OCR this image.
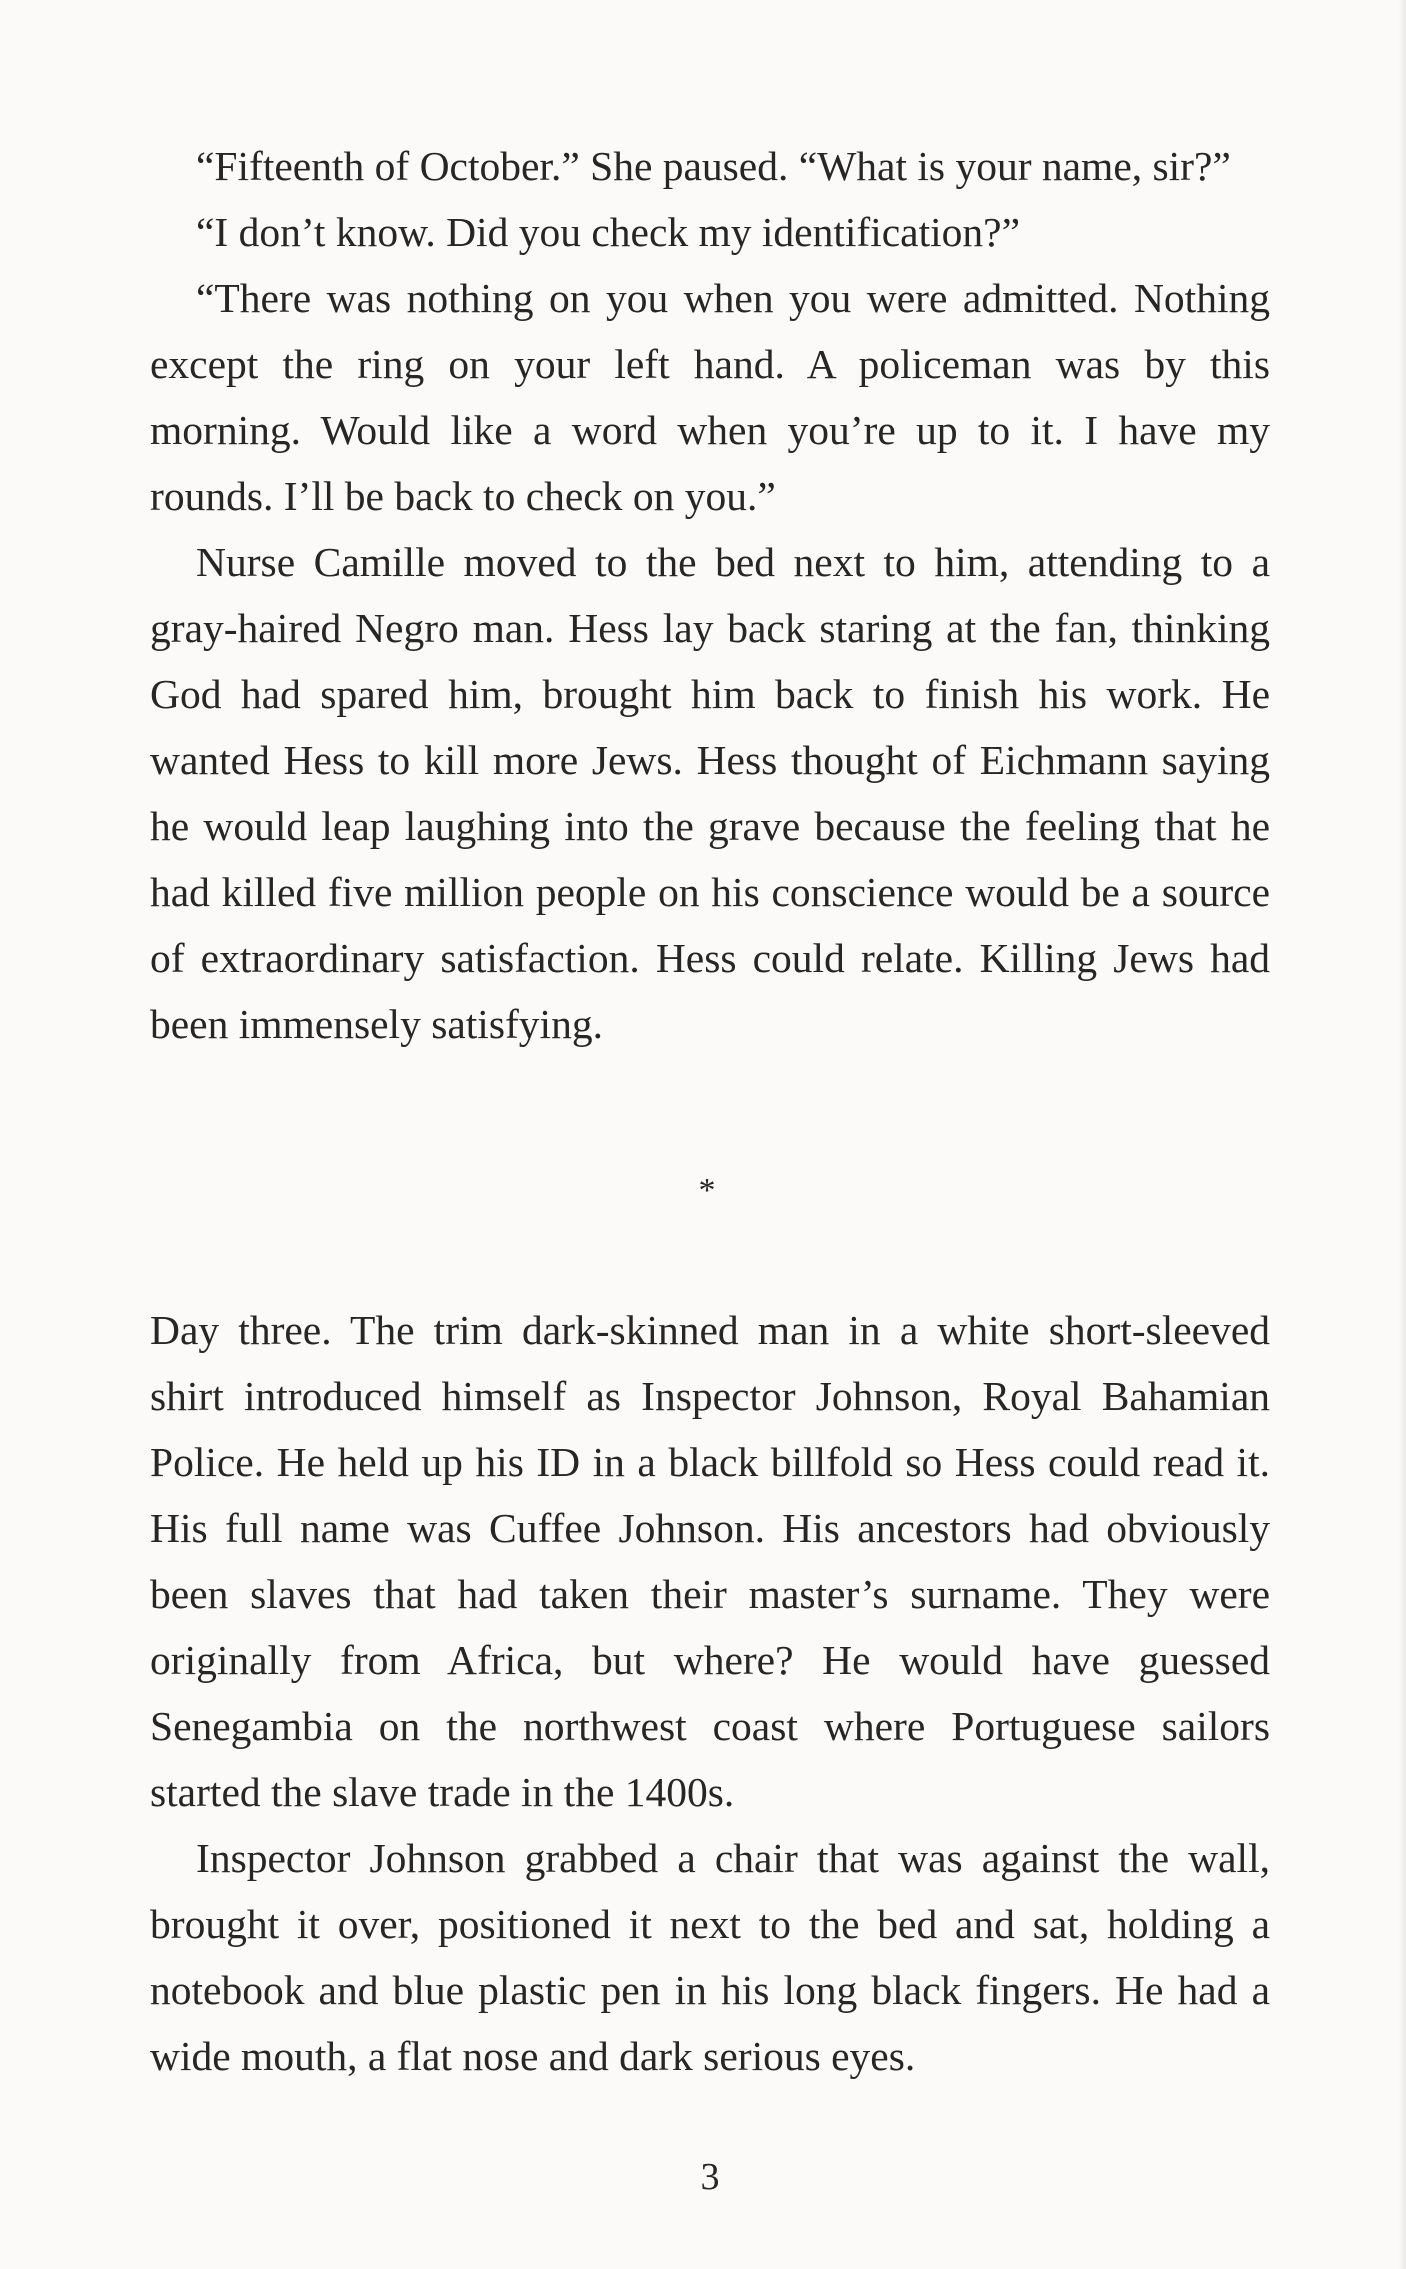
“Fifteenth of October.” She paused. “What is your name, sir?”

“I don’t know. Did you check my identification?”

“There was nothing on you when you were admitted. Nothing except the ring on your left hand. A policeman was by this morning. Would like a word when you’re up to it. I have my rounds. I’ll be back to check on you.”

Nurse Camille moved to the bed next to him, attending to a gray-haired Negro man. Hess lay back staring at the fan, thinking God had spared him, brought him back to finish his work. He wanted Hess to kill more Jews. Hess thought of Eichmann saying he would leap laughing into the grave because the feeling that he had killed five million people on his conscience would be a source of extraordinary satisfaction. Hess could relate. Killing Jews had been immensely satisfying.

*

Day three. The trim dark-skinned man in a white short-sleeved shirt introduced himself as Inspector Johnson, Royal Bahamian Police. He held up his ID in a black billfold so Hess could read it. His full name was Cuffee Johnson. His ancestors had obviously been slaves that had taken their master’s surname. They were originally from Africa, but where? He would have guessed Senegambia on the northwest coast where Portuguese sailors started the slave trade in the 1400s.

Inspector Johnson grabbed a chair that was against the wall, brought it over, positioned it next to the bed and sat, holding a notebook and blue plastic pen in his long black fingers. He had a wide mouth, a flat nose and dark serious eyes.

3
